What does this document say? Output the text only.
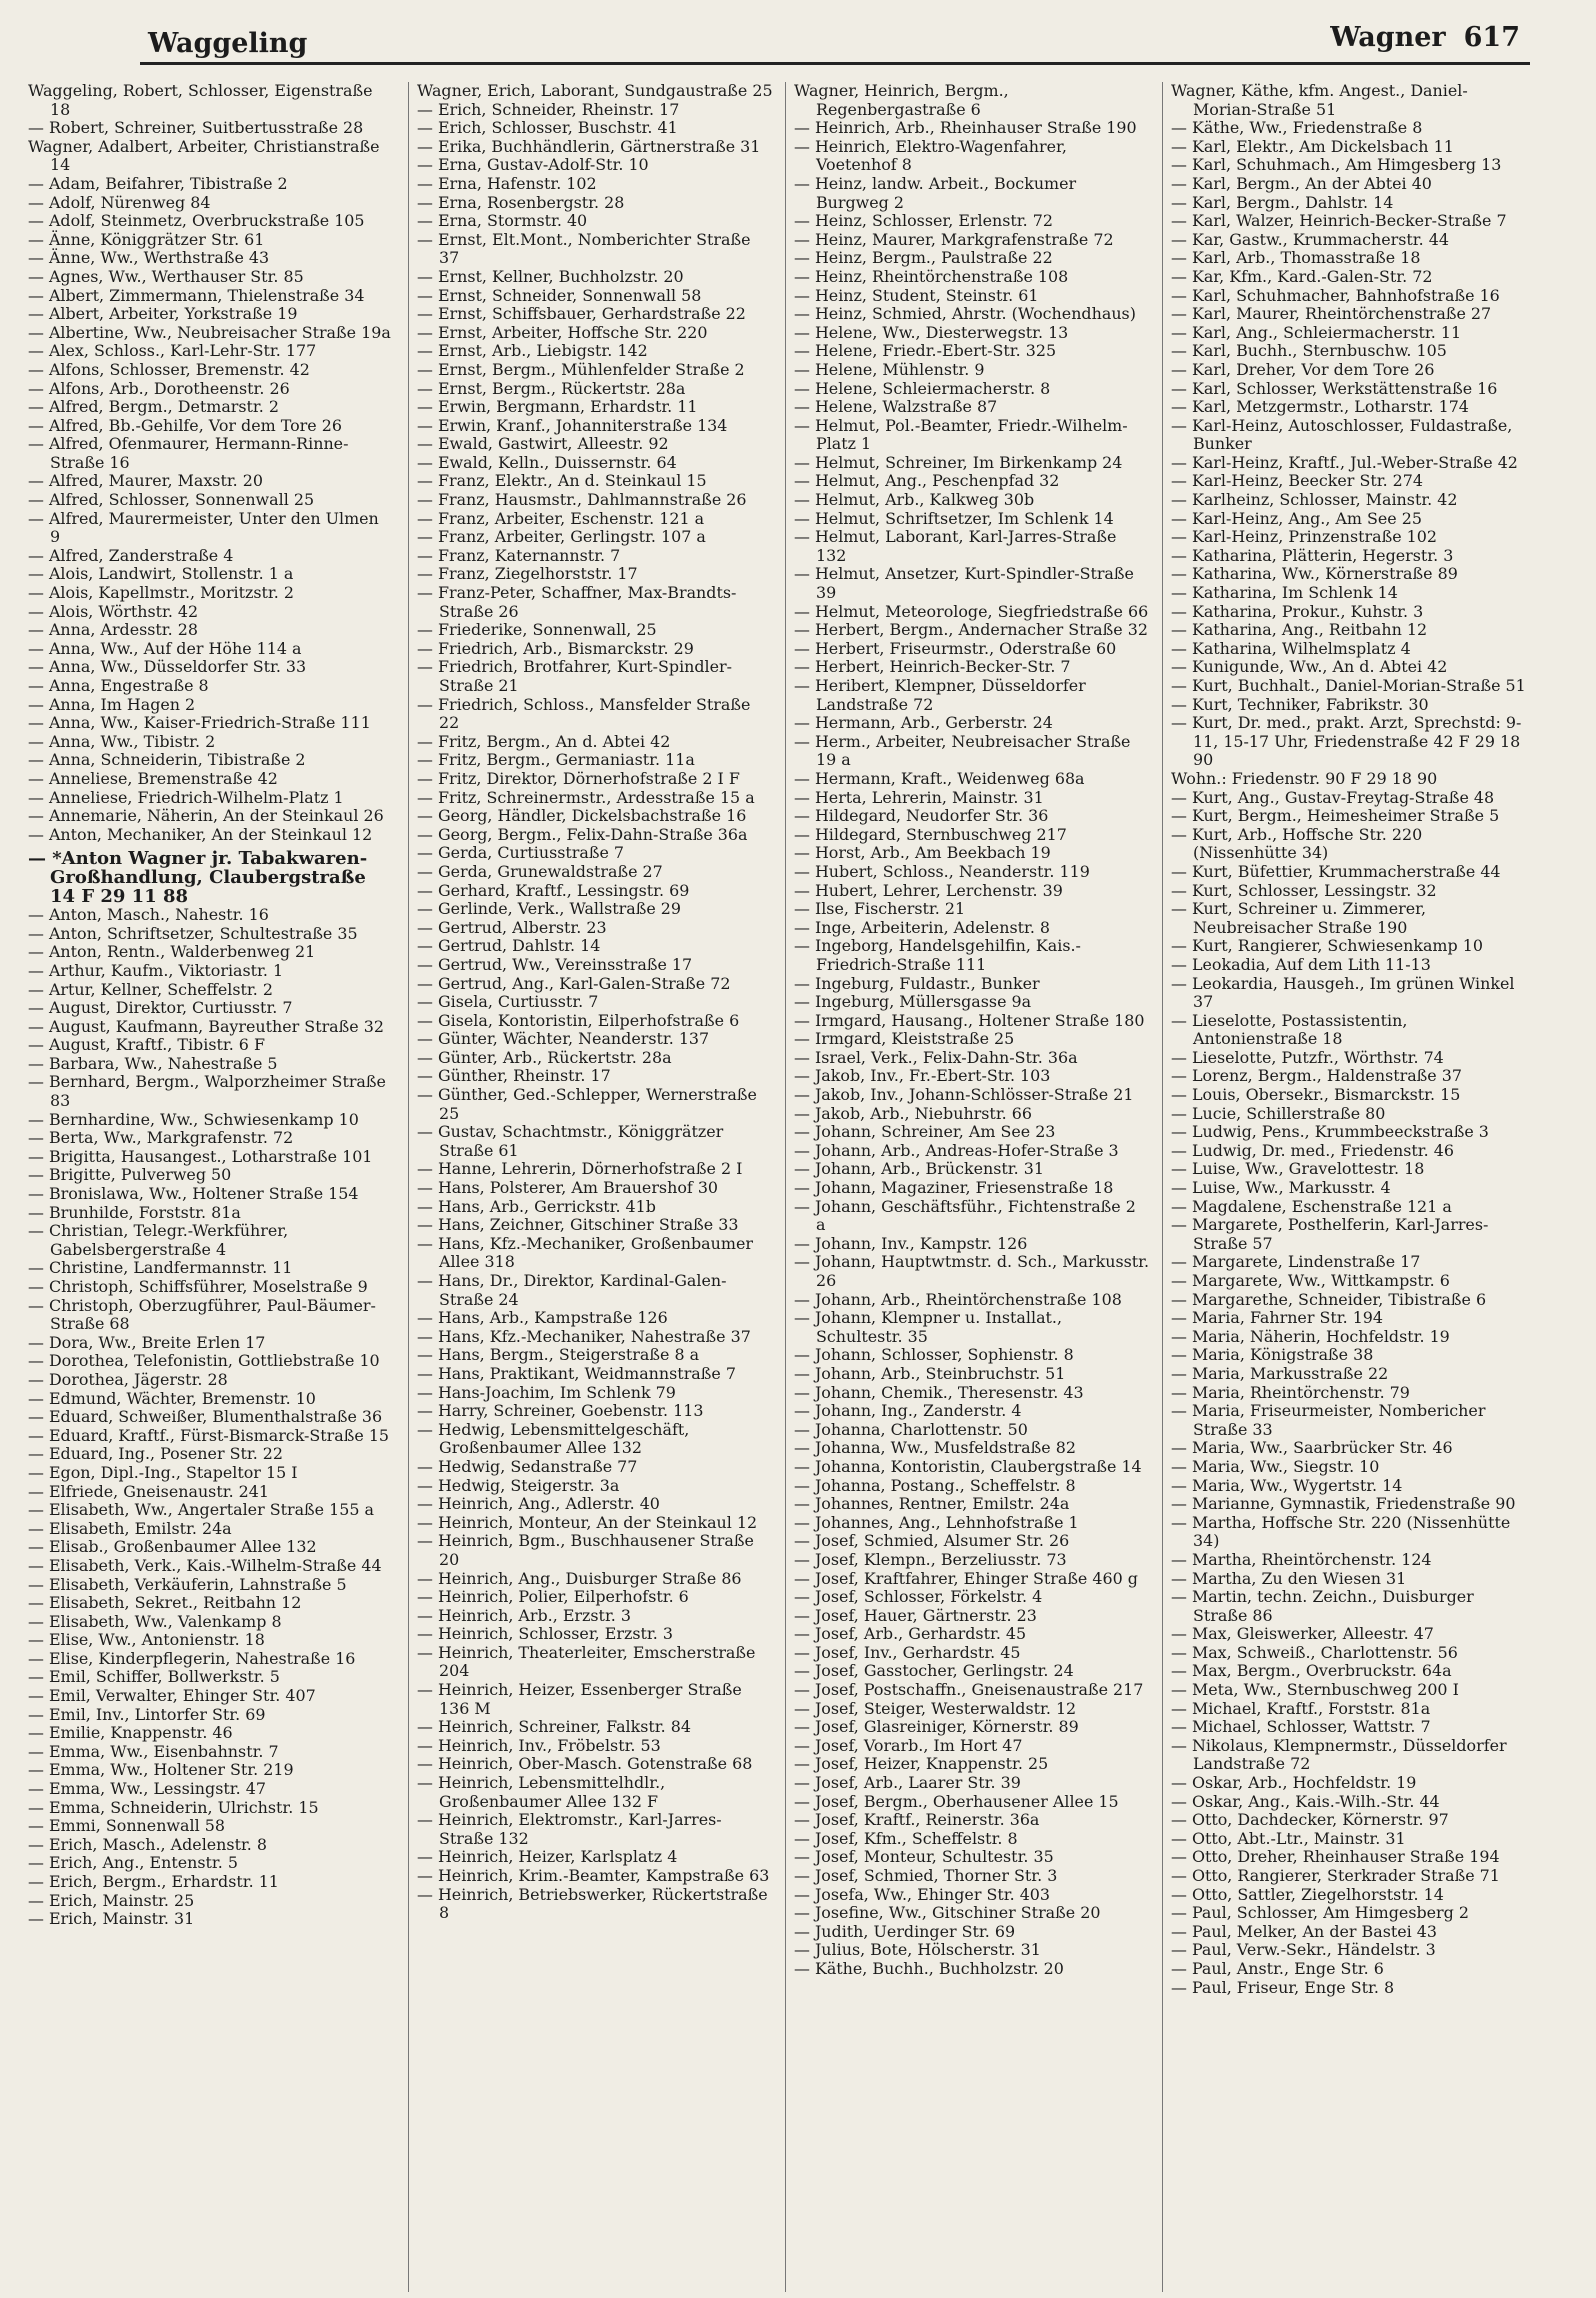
Waggeling	Wagner 617

Waggeling, Robert, Schlosser, Eigenstraße 18

— Robert, Schreiner, Suitbertusstraße 28

Wagner, Adalbert, Arbeiter, Christianstraße 14

— Adam, Beifahrer, Tibistraße 2

— Adolf, Nürenweg 84

— Adolf, Steinmetz, Overbruckstraße 105

— Änne, Königgrätzer Str. 61

— Änne, Ww., Werthstraße 43

— Agnes, Ww., Werthauser Str. 85

— Albert, Zimmermann, Thielenstraße 34

— Albert, Arbeiter, Yorkstraße 19

— Albertine, Ww., Neubreisacher Straße 19a

— Alex, Schloss., Karl-Lehr-Str. 177

— Alfons, Schlosser, Bremenstr. 42

— Alfons, Arb., Dorotheenstr. 26

— Alfred, Bergm., Detmarstr. 2

— Alfred, Bb.-Gehilfe, Vor dem Tore 26

— Alfred, Ofenmaurer, Hermann-Rinne-Straße 16

— Alfred, Maurer, Maxstr. 20

— Alfred, Schlosser, Sonnenwall 25

— Alfred, Maurermeister, Unter den Ulmen 9

— Alfred, Zanderstraße 4

— Alois, Landwirt, Stollenstr. 1 a

— Alois, Kapellmstr., Moritzstr. 2

— Alois, Wörthstr. 42

— Anna, Ardesstr. 28

— Anna, Ww., Auf der Höhe 114 a

— Anna, Ww., Düsseldorfer Str. 33

— Anna, Engestraße 8

— Anna, Im Hagen 2

— Anna, Ww., Kaiser-Friedrich-Straße 111

— Anna, Ww., Tibistr. 2

— Anna, Schneiderin, Tibistraße 2

— Anneliese, Bremenstraße 42

— Anneliese, Friedrich-Wilhelm-Platz 1

— Annemarie, Näherin, An der Steinkaul 26

— Anton, Mechaniker, An der Steinkaul 12

— *Anton Wagner jr. Tabakwaren-Großhandlung, Claubergstraße 14 F 29 11 88

— Anton, Masch., Nahestr. 16

— Anton, Schriftsetzer, Schultestraße 35

— Anton, Rentn., Walderbenweg 21

— Arthur, Kaufm., Viktoriastr. 1

— Artur, Kellner, Scheffelstr. 2

— August, Direktor, Curtiusstr. 7

— August, Kaufmann, Bayreuther Straße 32

— August, Kraftf., Tibistr. 6 F

— Barbara, Ww., Nahestraße 5

— Bernhard, Bergm., Walporzheimer Straße 83

— Bernhardine, Ww., Schwiesenkamp 10

— Berta, Ww., Markgrafenstr. 72

— Brigitta, Hausangest., Lotharstraße 101

— Brigitte, Pulverweg 50

— Bronislawa, Ww., Holtener Straße 154

— Brunhilde, Forststr. 81a

— Christian, Telegr.-Werkführer, Gabelsbergerstraße 4

— Christine, Landfermannstr. 11

— Christoph, Schiffsführer, Moselstraße 9

— Christoph, Oberzugführer, Paul-Bäumer-Straße 68

— Dora, Ww., Breite Erlen 17

— Dorothea, Telefonistin, Gottliebstraße 10

— Dorothea, Jägerstr. 28

— Edmund, Wächter, Bremenstr. 10

— Eduard, Schweißer, Blumenthalstraße 36

— Eduard, Kraftf., Fürst-Bismarck-Straße 15

— Eduard, Ing., Posener Str. 22

— Egon, Dipl.-Ing., Stapeltor 15 I

— Elfriede, Gneisenaustr. 241

— Elisabeth, Ww., Angertaler Straße 155 a

— Elisabeth, Emilstr. 24a

— Elisab., Großenbaumer Allee 132

— Elisabeth, Verk., Kais.-Wilhelm-Straße 44

— Elisabeth, Verkäuferin, Lahnstraße 5

— Elisabeth, Sekret., Reitbahn 12

— Elisabeth, Ww., Valenkamp 8

— Elise, Ww., Antonienstr. 18

— Elise, Kinderpflegerin, Nahestraße 16

— Emil, Schiffer, Bollwerkstr. 5

— Emil, Verwalter, Ehinger Str. 407

— Emil, Inv., Lintorfer Str. 69

— Emilie, Knappenstr. 46

— Emma, Ww., Eisenbahnstr. 7

— Emma, Ww., Holtener Str. 219

— Emma, Ww., Lessingstr. 47

— Emma, Schneiderin, Ulrichstr. 15

— Emmi, Sonnenwall 58

— Erich, Masch., Adelenstr. 8

— Erich, Ang., Entenstr. 5

— Erich, Bergm., Erhardstr. 11

— Erich, Mainstr. 25

— Erich, Mainstr. 31

Wagner, Erich, Laborant, Sundgaustraße 25

— Erich, Schneider, Rheinstr. 17

— Erich, Schlosser, Buschstr. 41

— Erika, Buchhändlerin, Gärtnerstraße 31

— Erna, Gustav-Adolf-Str. 10

— Erna, Hafenstr. 102

— Erna, Rosenbergstr. 28

— Erna, Stormstr. 40

— Ernst, Elt.Mont., Nomberichter Straße 37

— Ernst, Kellner, Buchholzstr. 20

— Ernst, Schneider, Sonnenwall 58

— Ernst, Schiffsbauer, Gerhardstraße 22

— Ernst, Arbeiter, Hoffsche Str. 220

— Ernst, Arb., Liebigstr. 142

— Ernst, Bergm., Mühlenfelder Straße 2

— Ernst, Bergm., Rückertstr. 28a

— Erwin, Bergmann, Erhardstr. 11

— Erwin, Kranf., Johanniterstraße 134

— Ewald, Gastwirt, Alleestr. 92

— Ewald, Kelln., Duissernstr. 64

— Franz, Elektr., An d. Steinkaul 15

— Franz, Hausmstr., Dahlmannstraße 26

— Franz, Arbeiter, Eschenstr. 121 a

— Franz, Arbeiter, Gerlingstr. 107 a

— Franz, Katernannstr. 7

— Franz, Ziegelhorststr. 17

— Franz-Peter, Schaffner, Max-Brandts-Straße 26

— Friederike, Sonnenwall, 25

— Friedrich, Arb., Bismarckstr. 29

— Friedrich, Brotfahrer, Kurt-Spindler-Straße 21

— Friedrich, Schloss., Mansfelder Straße 22

— Fritz, Bergm., An d. Abtei 42

— Fritz, Bergm., Germaniastr. 11a

— Fritz, Direktor, Dörnerhofstraße 2 I F

— Fritz, Schreinermstr., Ardesstraße 15 a

— Georg, Händler, Dickelsbachstraße 16

— Georg, Bergm., Felix-Dahn-Straße 36a

— Gerda, Curtiusstraße 7

— Gerda, Grunewaldstraße 27

— Gerhard, Kraftf., Lessingstr. 69

— Gerlinde, Verk., Wallstraße 29

— Gertrud, Alberstr. 23

— Gertrud, Dahlstr. 14

— Gertrud, Ww., Vereinsstraße 17

— Gertrud, Ang., Karl-Galen-Straße 72

— Gisela, Curtiusstr. 7

— Gisela, Kontoristin, Eilperhofstraße 6

— Günter, Wächter, Neanderstr. 137

— Günter, Arb., Rückertstr. 28a

— Günther, Rheinstr. 17

— Günther, Ged.-Schlepper, Wernerstraße 25

— Gustav, Schachtmstr., Königgrätzer Straße 61

— Hanne, Lehrerin, Dörnerhofstraße 2 I

— Hans, Polsterer, Am Brauershof 30

— Hans, Arb., Gerrickstr. 41b

— Hans, Zeichner, Gitschiner Straße 33

— Hans, Kfz.-Mechaniker, Großenbaumer Allee 318

— Hans, Dr., Direktor, Kardinal-Galen-Straße 24

— Hans, Arb., Kampstraße 126

— Hans, Kfz.-Mechaniker, Nahestraße 37

— Hans, Bergm., Steigerstraße 8 a

— Hans, Praktikant, Weidmannstraße 7

— Hans-Joachim, Im Schlenk 79

— Harry, Schreiner, Goebenstr. 113

— Hedwig, Lebensmittelgeschäft, Großenbaumer Allee 132

— Hedwig, Sedanstraße 77

— Hedwig, Steigerstr. 3a

— Heinrich, Ang., Adlerstr. 40

— Heinrich, Monteur, An der Steinkaul 12

— Heinrich, Bgm., Buschhausener Straße 20

— Heinrich, Ang., Duisburger Straße 86

— Heinrich, Polier, Eilperhofstr. 6

— Heinrich, Arb., Erzstr. 3

— Heinrich, Schlosser, Erzstr. 3

— Heinrich, Theaterleiter, Emscherstraße 204

— Heinrich, Heizer, Essenberger Straße 136 M

— Heinrich, Schreiner, Falkstr. 84

— Heinrich, Inv., Fröbelstr. 53

— Heinrich, Ober-Masch. Gotenstraße 68

— Heinrich, Lebensmittelhdlr., Großenbaumer Allee 132 F

— Heinrich, Elektromstr., Karl-Jarres-Straße 132

— Heinrich, Heizer, Karlsplatz 4

— Heinrich, Krim.-Beamter, Kampstraße 63

— Heinrich, Betriebswerker, Rückertstraße 8

Wagner, Heinrich, Bergm., Regenbergastraße 6

— Heinrich, Arb., Rheinhauser Straße 190

— Heinrich, Elektro-Wagenfahrer, Voetenhof 8

— Heinz, landw. Arbeit., Bockumer Burgweg 2

— Heinz, Schlosser, Erlenstr. 72

— Heinz, Maurer, Markgrafenstraße 72

— Heinz, Bergm., Paulstraße 22

— Heinz, Rheintörchenstraße 108

— Heinz, Student, Steinstr. 61

— Heinz, Schmied, Ahrstr. (Wochendhaus)

— Helene, Ww., Diesterwegstr. 13

— Helene, Friedr.-Ebert-Str. 325

— Helene, Mühlenstr. 9

— Helene, Schleiermacherstr. 8

— Helene, Walzstraße 87

— Helmut, Pol.-Beamter, Friedr.-Wilhelm-Platz 1

— Helmut, Schreiner, Im Birkenkamp 24

— Helmut, Ang., Peschenpfad 32

— Helmut, Arb., Kalkweg 30b

— Helmut, Schriftsetzer, Im Schlenk 14

— Helmut, Laborant, Karl-Jarres-Straße 132

— Helmut, Ansetzer, Kurt-Spindler-Straße 39

— Helmut, Meteorologe, Siegfriedstraße 66

— Herbert, Bergm., Andernacher Straße 32

— Herbert, Friseurmstr., Oderstraße 60

— Herbert, Heinrich-Becker-Str. 7

— Heribert, Klempner, Düsseldorfer Landstraße 72

— Hermann, Arb., Gerberstr. 24

— Herm., Arbeiter, Neubreisacher Straße 19 a

— Hermann, Kraft., Weidenweg 68a

— Herta, Lehrerin, Mainstr. 31

— Hildegard, Neudorfer Str. 36

— Hildegard, Sternbuschweg 217

— Horst, Arb., Am Beekbach 19

— Hubert, Schloss., Neanderstr. 119

— Hubert, Lehrer, Lerchenstr. 39

— Ilse, Fischerstr. 21

— Inge, Arbeiterin, Adelenstr. 8

— Ingeborg, Handelsgehilfin, Kais.-Friedrich-Straße 111

— Ingeburg, Fuldastr., Bunker

— Ingeburg, Müllersgasse 9a

— Irmgard, Hausang., Holtener Straße 180

— Irmgard, Kleiststraße 25

— Israel, Verk., Felix-Dahn-Str. 36a

— Jakob, Inv., Fr.-Ebert-Str. 103

— Jakob, Inv., Johann-Schlösser-Straße 21

— Jakob, Arb., Niebuhrstr. 66

— Johann, Schreiner, Am See 23

— Johann, Arb., Andreas-Hofer-Straße 3

— Johann, Arb., Brückenstr. 31

— Johann, Magaziner, Friesenstraße 18

— Johann, Geschäftsführ., Fichtenstraße 2 a

— Johann, Inv., Kampstr. 126

— Johann, Hauptwtmstr. d. Sch., Markusstr. 26

— Johann, Arb., Rheintörchenstraße 108

— Johann, Klempner u. Installat., Schultestr. 35

— Johann, Schlosser, Sophienstr. 8

— Johann, Arb., Steinbruchstr. 51

— Johann, Chemik., Theresenstr. 43

— Johann, Ing., Zanderstr. 4

— Johanna, Charlottenstr. 50

— Johanna, Ww., Musfeldstraße 82

— Johanna, Kontoristin, Claubergstraße 14

— Johanna, Postang., Scheffelstr. 8

— Johannes, Rentner, Emilstr. 24a

— Johannes, Ang., Lehnhofstraße 1

— Josef, Schmied, Alsumer Str. 26

— Josef, Klempn., Berzeliusstr. 73

— Josef, Kraftfahrer, Ehinger Straße 460 g

— Josef, Schlosser, Förkelstr. 4

— Josef, Hauer, Gärtnerstr. 23

— Josef, Arb., Gerhardstr. 45

— Josef, Inv., Gerhardstr. 45

— Josef, Gasstocher, Gerlingstr. 24

— Josef, Postschaffn., Gneisenaustraße 217

— Josef, Steiger, Westerwaldstr. 12

— Josef, Glasreiniger, Körnerstr. 89

— Josef, Vorarb., Im Hort 47

— Josef, Heizer, Knappenstr. 25

— Josef, Arb., Laarer Str. 39

— Josef, Bergm., Oberhausener Allee 15

— Josef, Kraftf., Reinerstr. 36a

— Josef, Kfm., Scheffelstr. 8

— Josef, Monteur, Schultestr. 35

— Josef, Schmied, Thorner Str. 3

— Josefa, Ww., Ehinger Str. 403

— Josefine, Ww., Gitschiner Straße 20

— Judith, Uerdinger Str. 69

— Julius, Bote, Hölscherstr. 31

— Käthe, Buchh., Buchholzstr. 20

Wagner, Käthe, kfm. Angest., Daniel-Morian-Straße 51

— Käthe, Ww., Friedenstraße 8

— Karl, Elektr., Am Dickelsbach 11

— Karl, Schuhmach., Am Himgesberg 13

— Karl, Bergm., An der Abtei 40

— Karl, Bergm., Dahlstr. 14

— Karl, Walzer, Heinrich-Becker-Straße 7

— Kar, Gastw., Krummacherstr. 44

— Karl, Arb., Thomasstraße 18

— Kar, Kfm., Kard.-Galen-Str. 72

— Karl, Schuhmacher, Bahnhofstraße 16

— Karl, Maurer, Rheintörchenstraße 27

— Karl, Ang., Schleiermacherstr. 11

— Karl, Buchh., Sternbuschw. 105

— Karl, Dreher, Vor dem Tore 26

— Karl, Schlosser, Werkstättenstraße 16

— Karl, Metzgermstr., Lotharstr. 174

— Karl-Heinz, Autoschlosser, Fuldastraße, Bunker

— Karl-Heinz, Kraftf., Jul.-Weber-Straße 42

— Karl-Heinz, Beecker Str. 274

— Karlheinz, Schlosser, Mainstr. 42

— Karl-Heinz, Ang., Am See 25

— Karl-Heinz, Prinzenstraße 102

— Katharina, Plätterin, Hegerstr. 3

— Katharina, Ww., Körnerstraße 89

— Katharina, Im Schlenk 14

— Katharina, Prokur., Kuhstr. 3

— Katharina, Ang., Reitbahn 12

— Katharina, Wilhelmsplatz 4

— Kunigunde, Ww., An d. Abtei 42

— Kurt, Buchhalt., Daniel-Morian-Straße 51

— Kurt, Techniker, Fabrikstr. 30

— Kurt, Dr. med., prakt. Arzt, Sprechstd: 9-11, 15-17 Uhr, Friedenstraße 42 F 29 18 90

Wohn.: Friedenstr. 90 F 29 18 90

— Kurt, Ang., Gustav-Freytag-Straße 48

— Kurt, Bergm., Heimesheimer Straße 5

— Kurt, Arb., Hoffsche Str. 220 (Nissenhütte 34)

— Kurt, Büfettier, Krummacherstraße 44

— Kurt, Schlosser, Lessingstr. 32

— Kurt, Schreiner u. Zimmerer, Neubreisacher Straße 190

— Kurt, Rangierer, Schwiesenkamp 10

— Leokadia, Auf dem Lith 11-13

— Leokardia, Hausgeh., Im grünen Winkel 37

— Lieselotte, Postassistentin, Antonienstraße 18

— Lieselotte, Putzfr., Wörthstr. 74

— Lorenz, Bergm., Haldenstraße 37

— Louis, Obersekr., Bismarckstr. 15

— Lucie, Schillerstraße 80

— Ludwig, Pens., Krummbeeckstraße 3

— Ludwig, Dr. med., Friedenstr. 46

— Luise, Ww., Gravelottestr. 18

— Luise, Ww., Markusstr. 4

— Magdalene, Eschenstraße 121 a

— Margarete, Posthelferin, Karl-Jarres-Straße 57

— Margarete, Lindenstraße 17

— Margarete, Ww., Wittkampstr. 6

— Margarethe, Schneider, Tibistraße 6

— Maria, Fahrner Str. 194

— Maria, Näherin, Hochfeldstr. 19

— Maria, Königstraße 38

— Maria, Markusstraße 22

— Maria, Rheintörchenstr. 79

— Maria, Friseurmeister, Nombericher Straße 33

— Maria, Ww., Saarbrücker Str. 46

— Maria, Ww., Siegstr. 10

— Maria, Ww., Wygertstr. 14

— Marianne, Gymnastik, Friedenstraße 90

— Martha, Hoffsche Str. 220 (Nissenhütte 34)

— Martha, Rheintörchenstr. 124

— Martha, Zu den Wiesen 31

— Martin, techn. Zeichn., Duisburger Straße 86

— Max, Gleiswerker, Alleestr. 47

— Max, Schweiß., Charlottenstr. 56

— Max, Bergm., Overbruckstr. 64a

— Meta, Ww., Sternbuschweg 200 I

— Michael, Kraftf., Forststr. 81a

— Michael, Schlosser, Wattstr. 7

— Nikolaus, Klempnermstr., Düsseldorfer Landstraße 72

— Oskar, Arb., Hochfeldstr. 19

— Oskar, Ang., Kais.-Wilh.-Str. 44

— Otto, Dachdecker, Körnerstr. 97

— Otto, Abt.-Ltr., Mainstr. 31

— Otto, Dreher, Rheinhauser Straße 194

— Otto, Rangierer, Sterkrader Straße 71

— Otto, Sattler, Ziegelhorststr. 14

— Paul, Schlosser, Am Himgesberg 2

— Paul, Melker, An der Bastei 43

— Paul, Verw.-Sekr., Händelstr. 3

— Paul, Anstr., Enge Str. 6

— Paul, Friseur, Enge Str. 8
